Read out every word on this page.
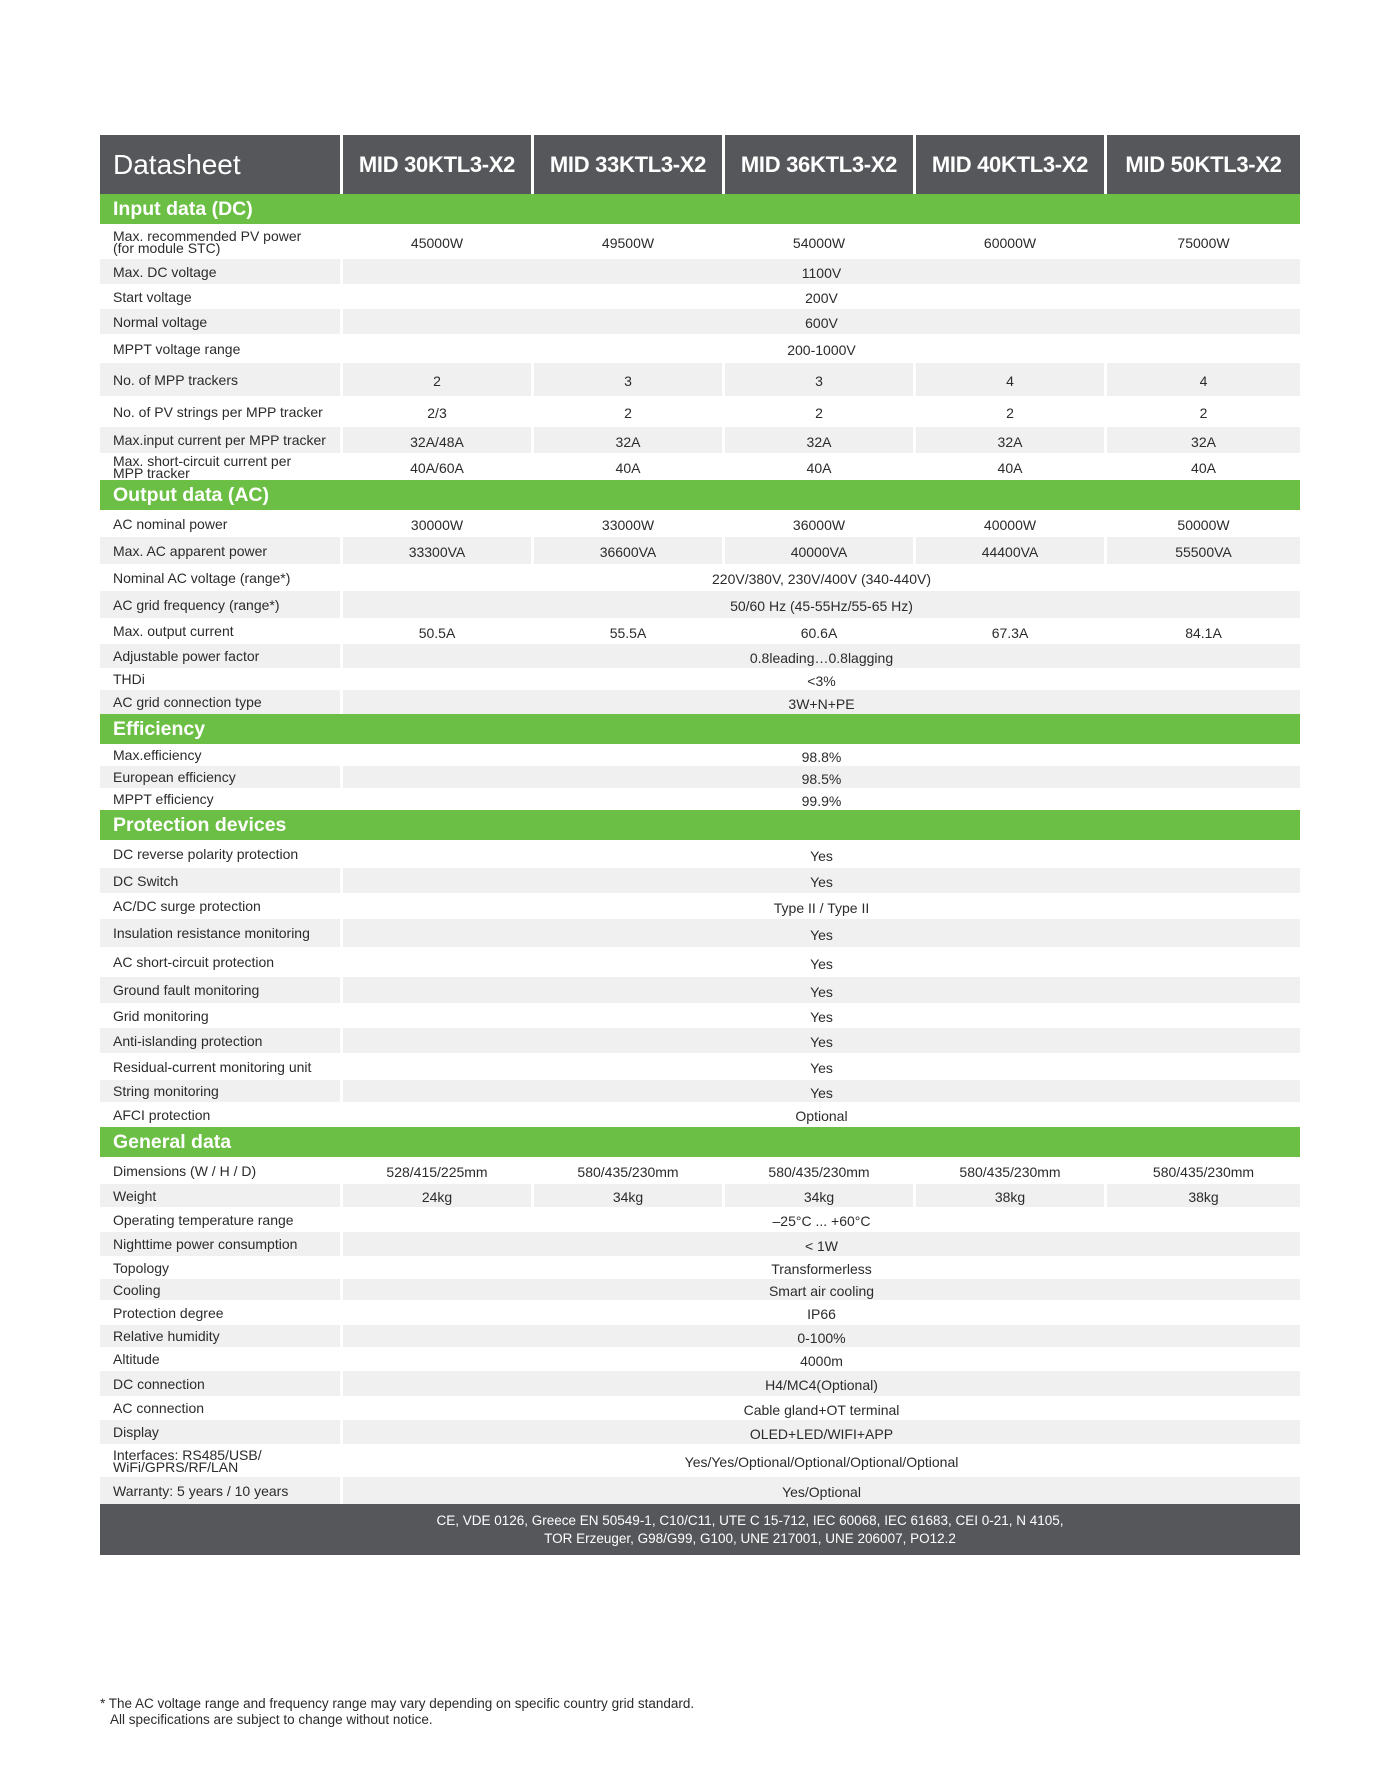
Datasheet	MID 30KTL3-X2	MID 33KTL3-X2	MID 36KTL3-X2	MID 40KTL3-X2	MID 50KTL3-X2
Input data (DC)
Max. recommended PV power
(for module STC)	45000W	49500W	54000W	60000W	75000W
Max. DC voltage	1100V
Start voltage	200V
Normal voltage	600V
MPPT voltage range	200-1000V
No. of MPP trackers	2	3	3	4	4
No. of PV strings per MPP tracker	2/3	2	2	2	2
Max.input current per MPP tracker	32A/48A	32A	32A	32A	32A
Max. short-circuit current per
MPP tracker	40A/60A	40A	40A	40A	40A
Output data (AC)
AC nominal power	30000W	33000W	36000W	40000W	50000W
Max. AC apparent power	33300VA	36600VA	40000VA	44400VA	55500VA
Nominal AC voltage (range*)	220V/380V, 230V/400V (340-440V)
AC grid frequency (range*)	50/60 Hz (45-55Hz/55-65 Hz)
Max. output current	50.5A	55.5A	60.6A	67.3A	84.1A
Adjustable power factor	0.8leading…0.8lagging
THDi	<3%
AC grid connection type	3W+N+PE
Efficiency
Max.efficiency	98.8%
European efficiency	98.5%
MPPT efficiency	99.9%
Protection devices
DC reverse polarity protection	Yes
DC Switch	Yes
AC/DC surge protection	Type II / Type II
Insulation resistance monitoring	Yes
AC short-circuit protection	Yes
Ground fault monitoring	Yes
Grid monitoring	Yes
Anti-islanding protection	Yes
Residual-current monitoring unit	Yes
String monitoring	Yes
AFCI protection	Optional
General data
Dimensions (W / H / D)	528/415/225mm	580/435/230mm	580/435/230mm	580/435/230mm	580/435/230mm
Weight	24kg	34kg	34kg	38kg	38kg
Operating temperature range	–25°C ... +60°C
Nighttime power consumption	< 1W
Topology	Transformerless
Cooling	Smart air cooling
Protection degree	IP66
Relative humidity	0-100%
Altitude	4000m
DC connection	H4/MC4(Optional)
AC connection	Cable gland+OT terminal
Display	OLED+LED/WIFI+APP
Interfaces: RS485/USB/
WiFi/GPRS/RF/LAN	Yes/Yes/Optional/Optional/Optional/Optional
Warranty: 5 years / 10 years	Yes/Optional
CE, VDE 0126, Greece EN 50549-1, C10/C11, UTE C 15-712, IEC 60068, IEC 61683, CEI 0-21, N 4105,
TOR Erzeuger, G98/G99, G100, UNE 217001, UNE 206007, PO12.2
* The AC voltage range and frequency range may vary depending on specific country grid standard.
All specifications are subject to change without notice.
